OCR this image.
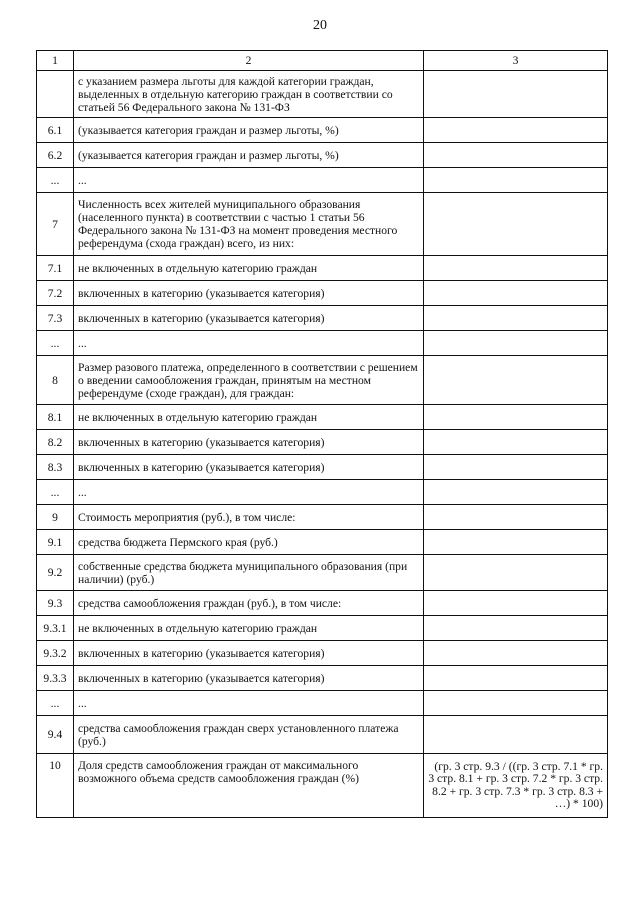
20
1	2	3
	с указанием размера льготы для каждой категории граждан, выделенных в отдельную категорию граждан в соответствии со статьей 56 Федерального закона № 131-ФЗ	
6.1	(указывается категория граждан и размер льготы, %)	
6.2	(указывается категория граждан и размер льготы, %)	
...	...	
7	Численность всех жителей муниципального образования (населенного пункта) в соответствии с частью 1 статьи 56 Федерального закона № 131-ФЗ на момент проведения местного референдума (схода граждан) всего, из них:	
7.1	не включенных в отдельную категорию граждан	
7.2	включенных в категорию (указывается категория)	
7.3	включенных в категорию (указывается категория)	
...	...	
8	Размер разового платежа, определенного в соответствии с решением о введении самообложения граждан, принятым на местном референдуме (сходе граждан), для граждан:	
8.1	не включенных в отдельную категорию граждан	
8.2	включенных в категорию (указывается категория)	
8.3	включенных в категорию (указывается категория)	
...	...	
9	Стоимость мероприятия (руб.), в том числе:	
9.1	средства бюджета Пермского края (руб.)	
9.2	собственные средства бюджета муниципального образования (при наличии) (руб.)	
9.3	средства самообложения граждан (руб.), в том числе:	
9.3.1	не включенных в отдельную категорию граждан	
9.3.2	включенных в категорию (указывается категория)	
9.3.3	включенных в категорию (указывается категория)	
...	...	
9.4	средства самообложения граждан сверх установленного платежа (руб.)	
10	Доля средств самообложения граждан от максимального возможного объема средств самообложения граждан (%)	(гр. 3 стр. 9.3 / ((гр. 3 стр. 7.1 * гр. 3 стр. 8.1 + гр. 3 стр. 7.2 * гр. 3 стр. 8.2 + гр. 3 стр. 7.3 * гр. 3 стр. 8.3 + …) * 100)
